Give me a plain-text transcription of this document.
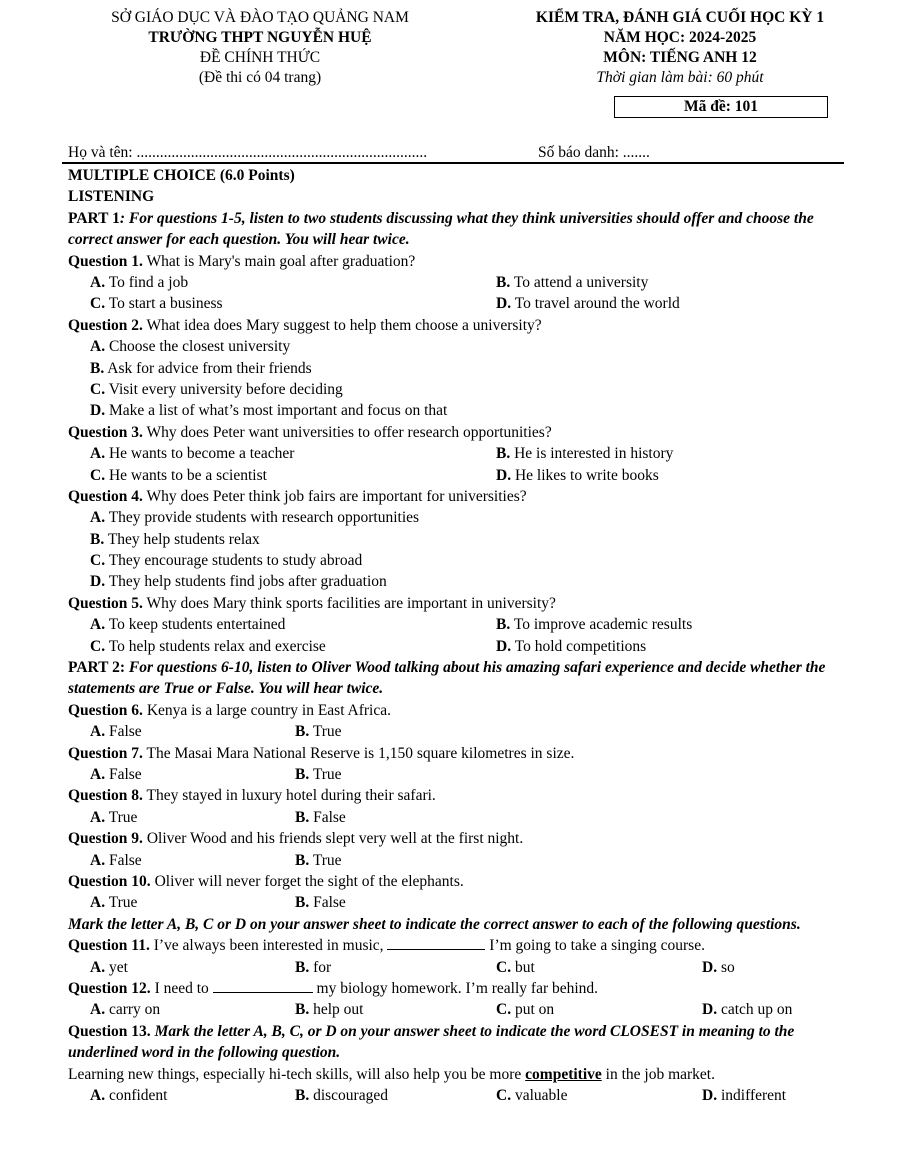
SỞ GIÁO DỤC VÀ ĐÀO TẠO QUẢNG NAM
TRƯỜNG THPT NGUYỄN HUỆ
ĐỀ CHÍNH THỨC
(Đề thi có 04 trang)
KIỂM TRA, ĐÁNH GIÁ CUỐI HỌC KỲ 1
NĂM HỌC: 2024-2025
MÔN: TIẾNG ANH 12
Thời gian làm bài: 60 phút
Mã đề: 101
Họ và tên: ...........................................................................	Số báo danh: .......
MULTIPLE CHOICE (6.0 Points)
LISTENING
PART 1: For questions 1-5, listen to two students discussing what they think universities should offer and choose the correct answer for each question. You will hear twice.
Question 1. What is Mary's main goal after graduation?
A. To find a job	B. To attend a university
C. To start a business	D. To travel around the world
Question 2. What idea does Mary suggest to help them choose a university?
A. Choose the closest university
B. Ask for advice from their friends
C. Visit every university before deciding
D. Make a list of what’s most important and focus on that
Question 3. Why does Peter want universities to offer research opportunities?
A. He wants to become a teacher	B. He is interested in history
C. He wants to be a scientist	D. He likes to write books
Question 4. Why does Peter think job fairs are important for universities?
A. They provide students with research opportunities
B. They help students relax
C. They encourage students to study abroad
D. They help students find jobs after graduation
Question 5. Why does Mary think sports facilities are important in university?
A. To keep students entertained	B. To improve academic results
C. To help students relax and exercise	D. To hold competitions
PART 2: For questions 6-10, listen to Oliver Wood talking about his amazing safari experience and decide whether the statements are True or False. You will hear twice.
Question 6. Kenya is a large country in East Africa.
A. False	B. True
Question 7. The Masai Mara National Reserve is 1,150 square kilometres in size.
A. False	B. True
Question 8. They stayed in luxury hotel during their safari.
A. True	B. False
Question 9. Oliver Wood and his friends slept very well at the first night.
A. False	B. True
Question 10. Oliver will never forget the sight of the elephants.
A. True	B. False
Mark the letter A, B, C or D on your answer sheet to indicate the correct answer to each of the following questions.
Question 11. I’ve always been interested in music,	I’m going to take a singing course.
A. yet	B. for	C. but	D. so
Question 12. I need to	my biology homework. I’m really far behind.
A. carry on	B. help out	C. put on	D. catch up on
Question 13. Mark the letter A, B, C, or D on your answer sheet to indicate the word CLOSEST in meaning to the underlined word in the following question.
Learning new things, especially hi-tech skills, will also help you be more competitive in the job market.
A. confident	B. discouraged	C. valuable	D. indifferent
